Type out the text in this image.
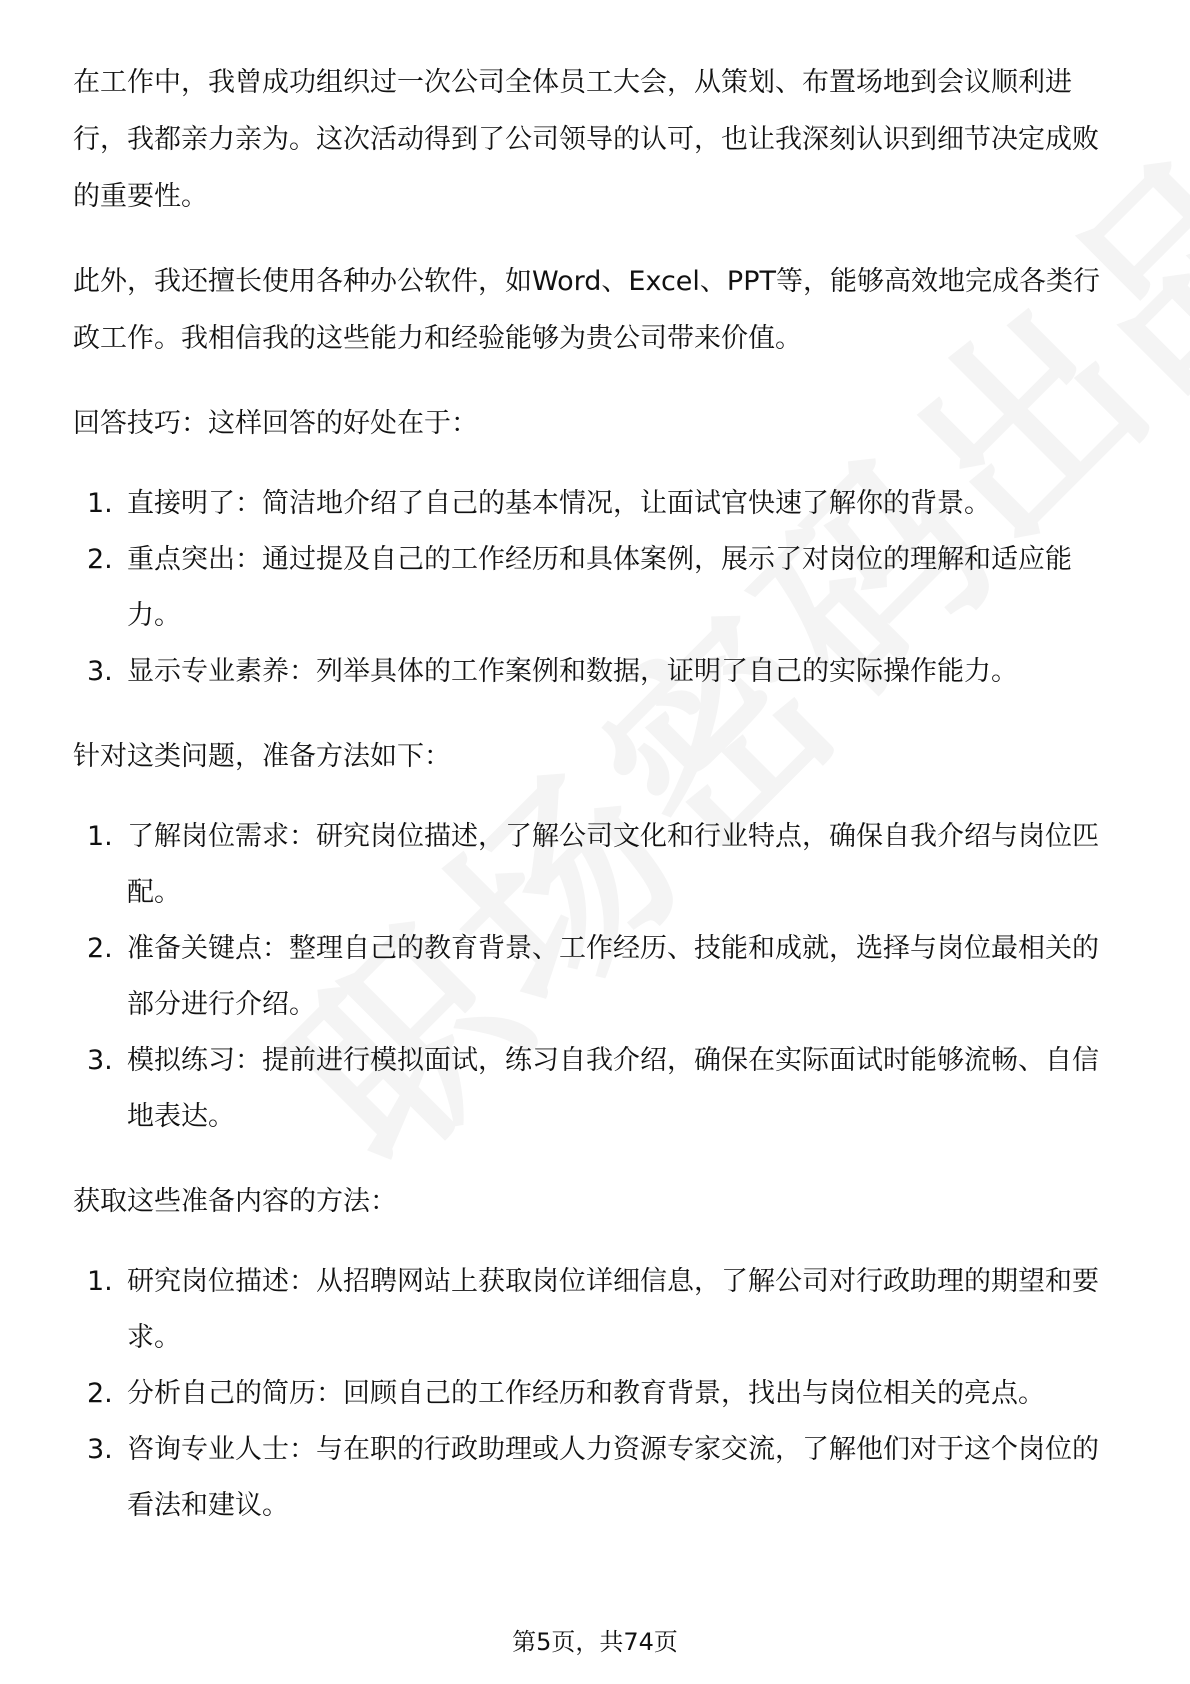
在工作中，我曾成功组织过一次公司全体员工大会，从策划、布置场地到会议顺利进行，我都亲力亲为。这次活动得到了公司领导的认可，也让我深刻认识到细节决定成败的重要性。

此外，我还擅长使用各种办公软件，如Word、Excel、PPT等，能够高效地完成各类行政工作。我相信我的这些能力和经验能够为贵公司带来价值。

回答技巧：这样回答的好处在于：

1. 直接明了：简洁地介绍了自己的基本情况，让面试官快速了解你的背景。
2. 重点突出：通过提及自己的工作经历和具体案例，展示了对岗位的理解和适应能力。
3. 显示专业素养：列举具体的工作案例和数据，证明了自己的实际操作能力。

针对这类问题，准备方法如下：

1. 了解岗位需求：研究岗位描述，了解公司文化和行业特点，确保自我介绍与岗位匹配。
2. 准备关键点：整理自己的教育背景、工作经历、技能和成就，选择与岗位最相关的部分进行介绍。
3. 模拟练习：提前进行模拟面试，练习自我介绍，确保在实际面试时能够流畅、自信地表达。

获取这些准备内容的方法：

1. 研究岗位描述：从招聘网站上获取岗位详细信息，了解公司对行政助理的期望和要求。
2. 分析自己的简历：回顾自己的工作经历和教育背景，找出与岗位相关的亮点。
3. 咨询专业人士：与在职的行政助理或人力资源专家交流，了解他们对于这个岗位的看法和建议。
第5页，共74页
